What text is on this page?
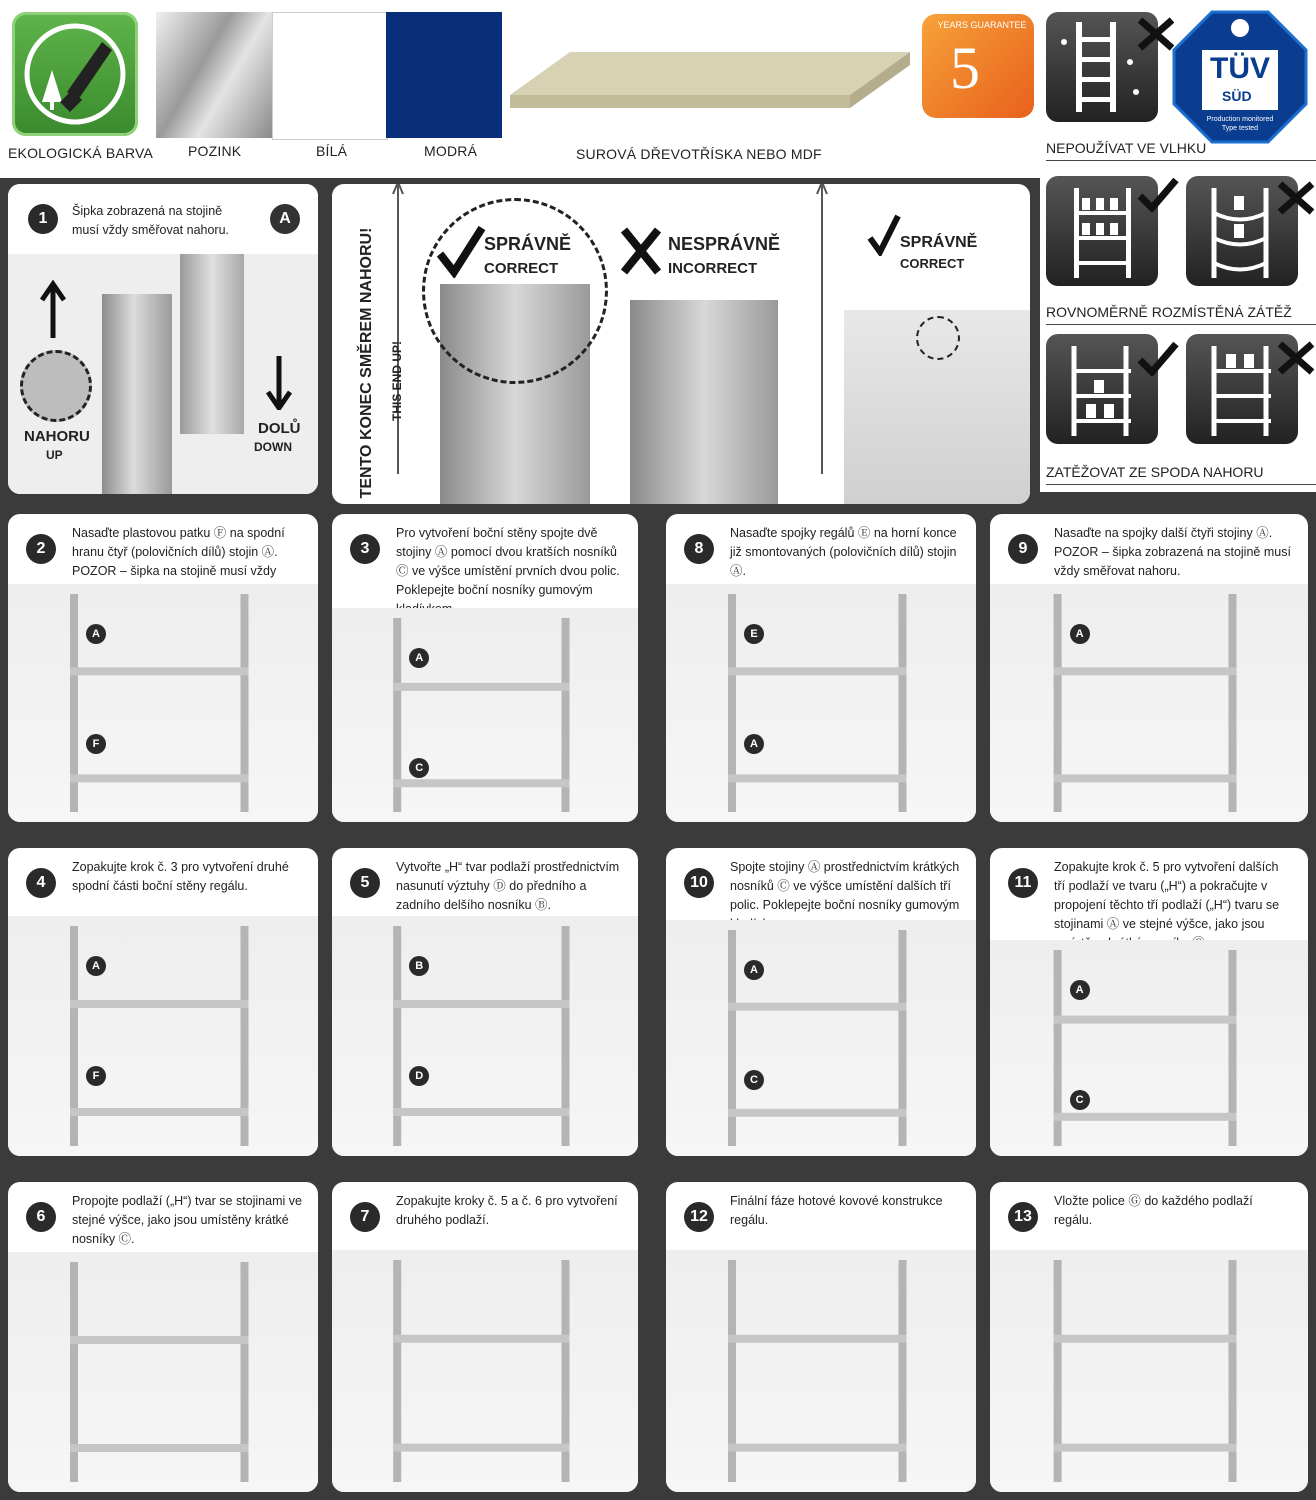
EKOLOGICKÁ BARVA POZINK	BÍLÁ	MODRÁ	SUROVÁ DŘEVOTŘÍSKA NEBO MDF
5
YEARS GUARANTEE
TÜV
SÜD
Production monitored
Type tested
NEPOUŽÍVAT VE VLHKU
ROVNOMĚRNĚ ROZMÍSTĚNÁ ZÁTĚŽ
ZATĚŽOVAT ZE SPODA NAHORU
1	Šipka zobrazená na stojině musí vždy směřovat nahoru.
A
NAHORU
UP
DOLŮ
DOWN	TENTO KONEC SMĚREM NAHORU! THIS END UP!
SPRÁVNĚ
CORRECT
NESPRÁVNĚ
INCORRECT
SPRÁVNĚ
CORRECT
2
Nasaďte plastovou patku Ⓕ na spodní hranu čtyř (polovičních dílů) stojin Ⓐ. POZOR – šipka na stojině musí vždy
A
F
3
Pro vytvoření boční stěny spojte dvě stojiny Ⓐ pomocí dvou kratších nosníků Ⓒ ve výšce umístění prvních dvou polic. Poklepejte boční nosníky gumovým
A
C
8
Nasaďte spojky regálů Ⓔ na horní konce již smontovaných (polovičních dílů) stojin Ⓐ.
E
A
9
Nasaďte na spojky další čtyři stojiny Ⓐ. POZOR – šipka zobrazená na stojině musí vždy směřovat nahoru.
A
4
Zopakujte krok č. 3 pro vytvoření druhé spodní části boční stěny regálu.
A
F
5
Vytvořte „H“ tvar podlaží prostřednictvím nasunutí výztuhy Ⓓ do předního a zadního delšího nosníku Ⓑ.
B
D
10
Spojte stojiny Ⓐ prostřednictvím krátkých nosníků Ⓒ ve výšce umístění dalších tří polic. Poklepejte boční nosníky gumovým
A
C
11
Zopakujte krok č. 5 pro vytvoření dalších tří podlaží ve tvaru („H“) a pokračujte v propojení těchto tří podlaží („H“) tvaru se stojinami Ⓐ ve stejné výšce, jako jsou
A
C
6
Propojte podlaží („H“) tvar se stojinami ve stejné výšce, jako jsou umístěny krátké nosníky Ⓒ.
7
Zopakujte kroky č. 5 a č. 6 pro vytvoření druhého podlaží.	12
Finální fáze hotové kovové konstrukce regálu.	13
Vložte police Ⓖ do každého podlaží regálu.
